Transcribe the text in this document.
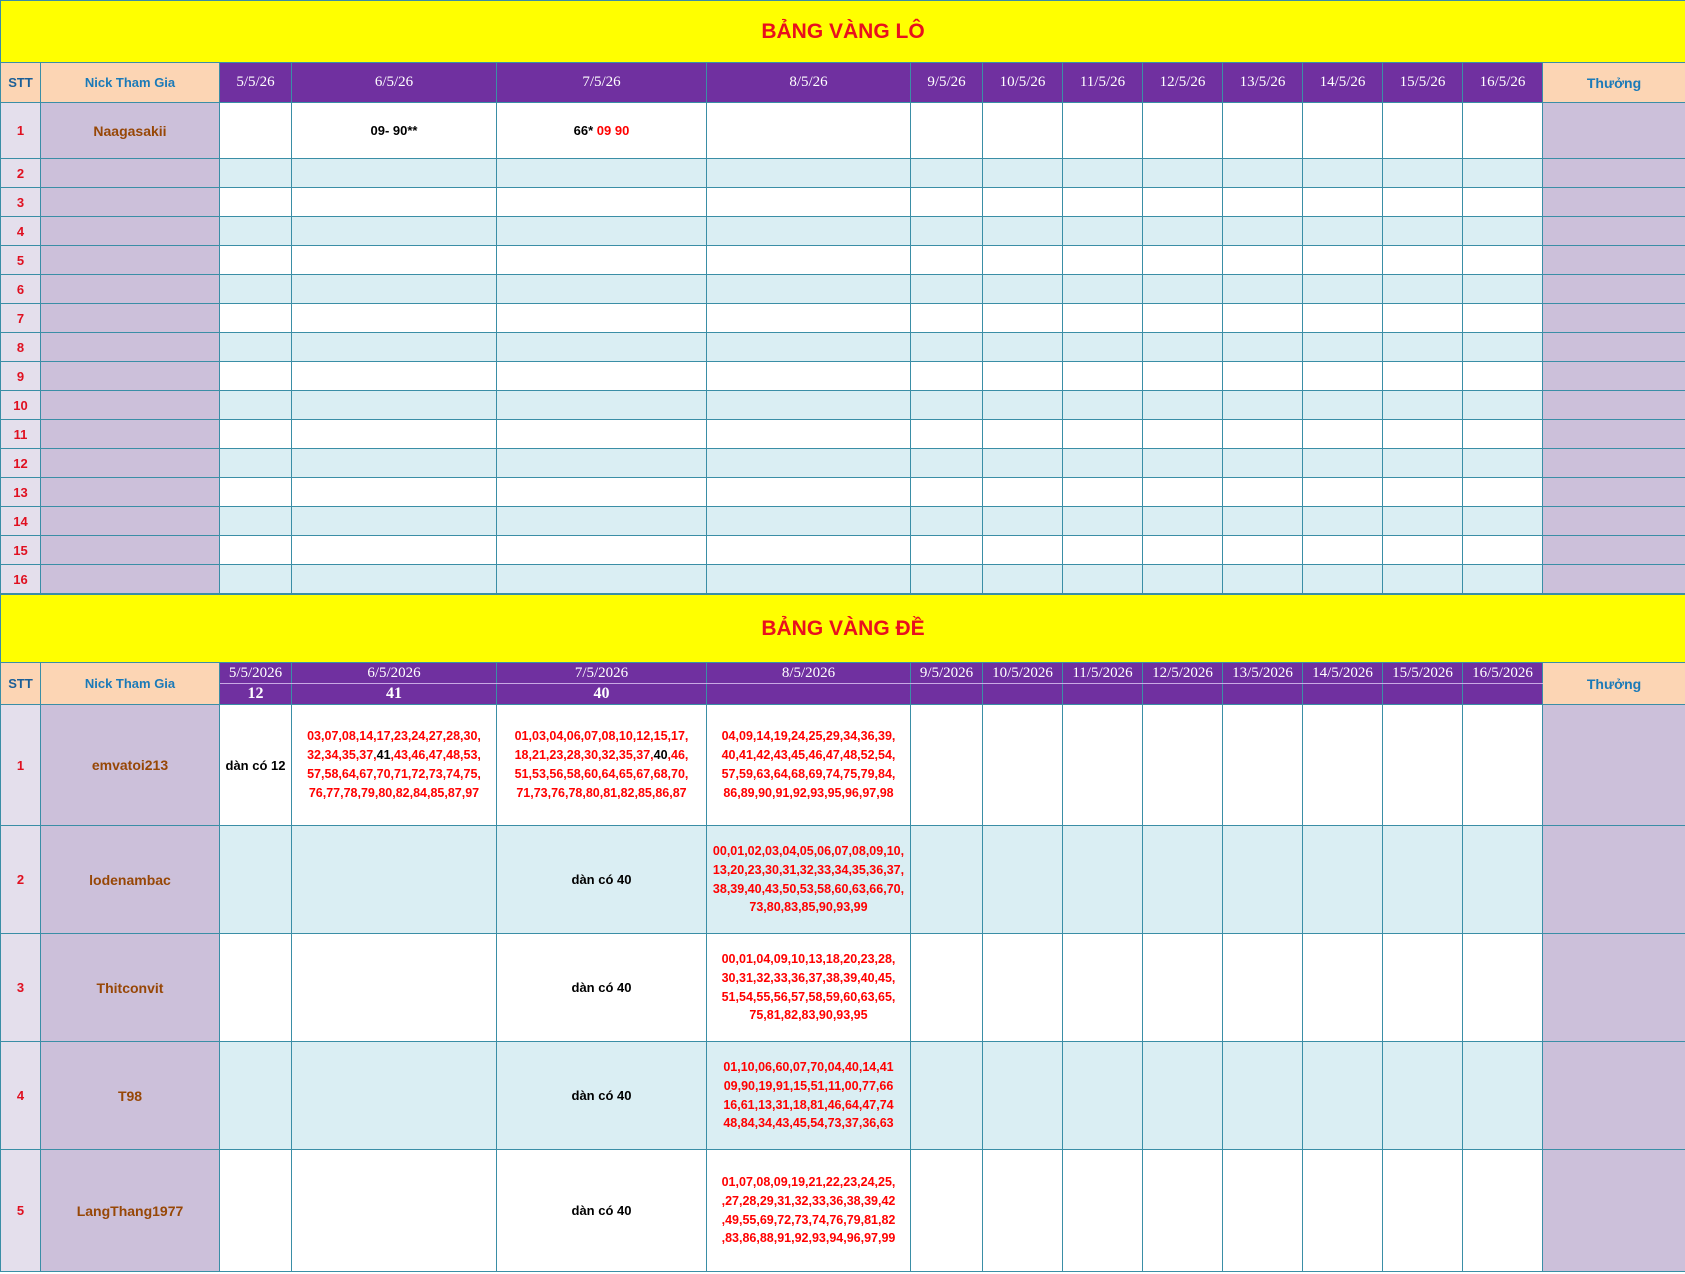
BẢNG VÀNG LÔ														
STT	Nick Tham Gia	5/5/26	6/5/26	7/5/26	8/5/26	9/5/26	10/5/26	11/5/26	12/5/26	13/5/26	14/5/26	15/5/26	16/5/26	Thưởng
1	Naagasakii		09- 90**	66* 09 90										
2														
3														
4														
5														
6														
7														
8														
9														
10														
11														
12														
13														
14														
15														
16														
BẢNG VÀNG ĐỀ														
STT	Nick Tham Gia	5/5/2026	6/5/2026	7/5/2026	8/5/2026	9/5/2026	10/5/2026	11/5/2026	12/5/2026	13/5/2026	14/5/2026	15/5/2026	16/5/2026	Thưởng
		12	41	40										
1	emvatoi213	dàn có 12	03,07,08,14,17,23,24,27,28,30,
32,34,35,37,41,43,46,47,48,53,
57,58,64,67,70,71,72,73,74,75,
76,77,78,79,80,82,84,85,87,97	01,03,04,06,07,08,10,12,15,17,
18,21,23,28,30,32,35,37,40,46,
51,53,56,58,60,64,65,67,68,70,
71,73,76,78,80,81,82,85,86,87	04,09,14,19,24,25,29,34,36,39,
40,41,42,43,45,46,47,48,52,54,
57,59,63,64,68,69,74,75,79,84,
86,89,90,91,92,93,95,96,97,98									

2	lodenambac			dàn có 40	00,01,02,03,04,05,06,07,08,09,10,
13,20,23,30,31,32,33,34,35,36,37,
38,39,40,43,50,53,58,60,63,66,70,
73,80,83,85,90,93,99									

3	Thitconvit			dàn có 40	00,01,04,09,10,13,18,20,23,28,
30,31,32,33,36,37,38,39,40,45,
51,54,55,56,57,58,59,60,63,65,
75,81,82,83,90,93,95									

4	T98			dàn có 40	01,10,06,60,07,70,04,40,14,41
09,90,19,91,15,51,11,00,77,66
16,61,13,31,18,81,46,64,47,74
48,84,34,43,45,54,73,37,36,63									

5	LangThang1977			dàn có 40	01,07,08,09,19,21,22,23,24,25,
,27,28,29,31,32,33,36,38,39,42
,49,55,69,72,73,74,76,79,81,82
,83,86,88,91,92,93,94,96,97,99									
